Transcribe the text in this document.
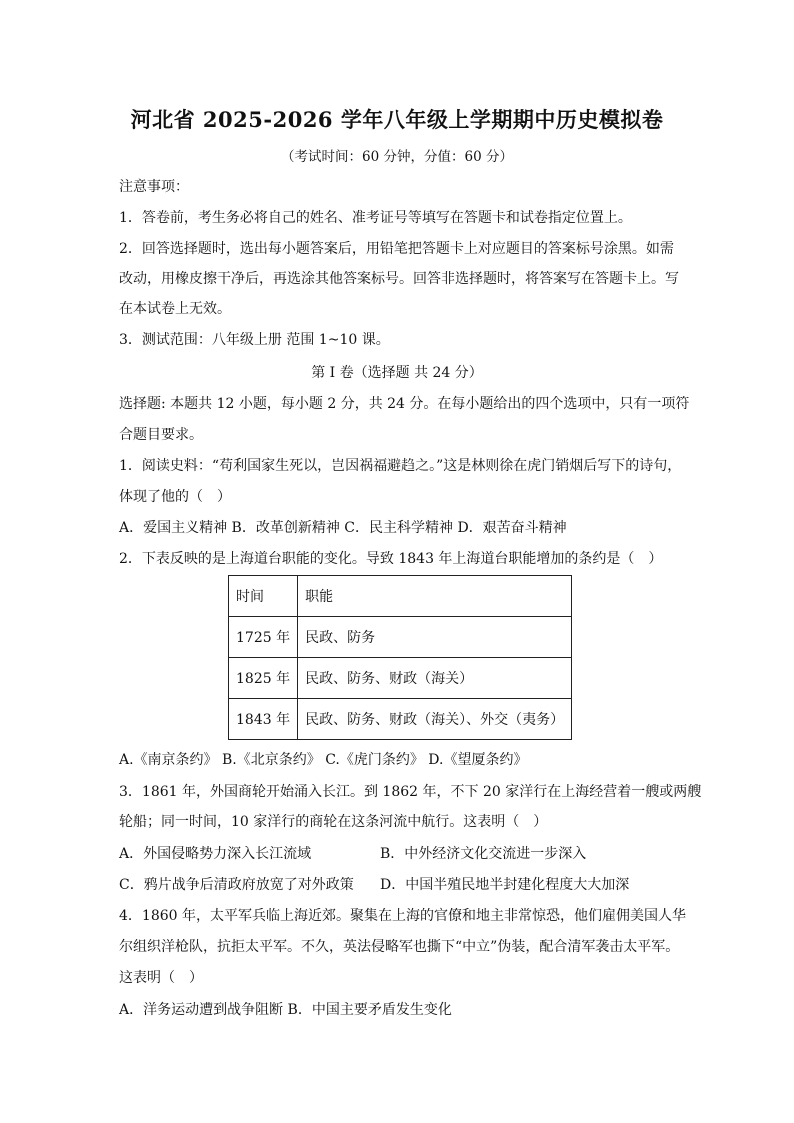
河北省 2025-2026 学年八年级上学期期中历史模拟卷
（考试时间：60 分钟，分值：60 分）
注意事项：
1．答卷前，考生务必将自己的姓名、准考证号等填写在答题卡和试卷指定位置上。
2．回答选择题时，选出每小题答案后，用铅笔把答题卡上对应题目的答案标号涂黑。如需
改动，用橡皮擦干净后，再选涂其他答案标号。回答非选择题时，将答案写在答题卡上。写
在本试卷上无效。
3．测试范围：八年级上册 范围 1~10 课。
第 I 卷（选择题 共 24 分）
选择题: 本题共 12 小题，每小题 2 分，共 24 分。在每小题给出的四个选项中，只有一项符
合题目要求。
1．阅读史料：“苟利国家生死以，岂因祸福避趋之。”这是林则徐在虎门销烟后写下的诗句，
体现了他的（　）
A．爱国主义精神 B．改革创新精神 C．民主科学精神 D．艰苦奋斗精神
2．下表反映的是上海道台职能的变化。导致 1843 年上海道台职能增加的条约是（　）
时间	职能
1725 年	民政、防务
1825 年	民政、防务、财政（海关）
1843 年	民政、防务、财政（海关）、外交（夷务）
A.《南京条约》 B.《北京条约》 C.《虎门条约》 D.《望厦条约》
3．1861 年，外国商轮开始涌入长江。到 1862 年，不下 20 家洋行在上海经营着一艘或两艘
轮船；同一时间，10 家洋行的商轮在这条河流中航行。这表明（　）
A．外国侵略势力深入长江流域	B．中外经济文化交流进一步深入
C．鸦片战争后清政府放宽了对外政策 D．中国半殖民地半封建化程度大大加深
4．1860 年，太平军兵临上海近郊。聚集在上海的官僚和地主非常惊恐，他们雇佣美国人华
尔组织洋枪队，抗拒太平军。不久，英法侵略军也撕下“中立”伪装，配合清军袭击太平军。
这表明（　）
A．洋务运动遭到战争阻断 B．中国主要矛盾发生变化
